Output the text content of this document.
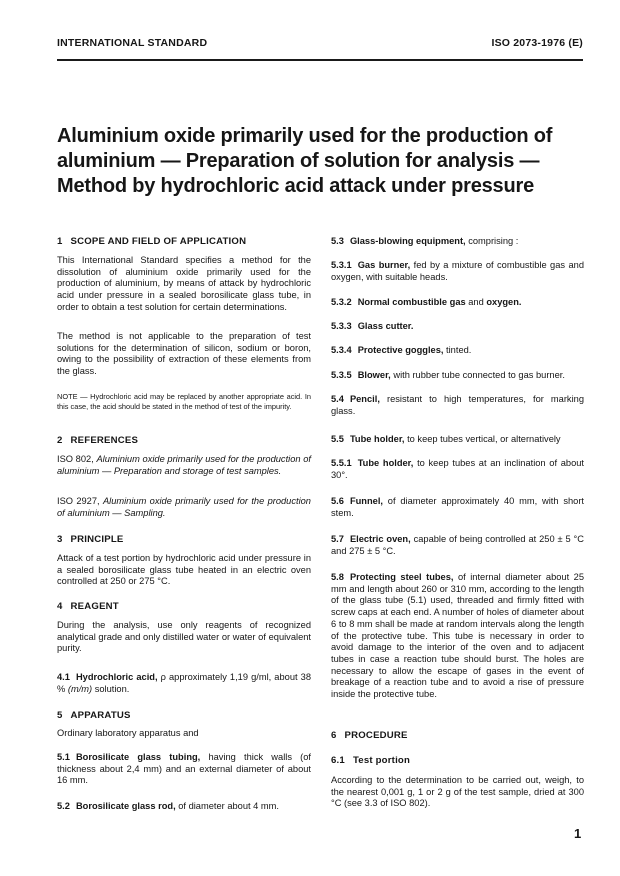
INTERNATIONAL STANDARD	ISO 2073-1976 (E)
Aluminium oxide primarily used for the production of aluminium — Preparation of solution for analysis — Method by hydrochloric acid attack under pressure
1 SCOPE AND FIELD OF APPLICATION
This International Standard specifies a method for the dissolution of aluminium oxide primarily used for the production of aluminium, by means of attack by hydrochloric acid under pressure in a sealed borosilicate glass tube, in order to obtain a test solution for certain determinations.
The method is not applicable to the preparation of test solutions for the determination of silicon, sodium or boron, owing to the possibility of extraction of these elements from the glass.
NOTE — Hydrochloric acid may be replaced by another appropriate acid. In this case, the acid should be stated in the method of test of the impurity.
2 REFERENCES
ISO 802, Aluminium oxide primarily used for the production of aluminium — Preparation and storage of test samples.
ISO 2927, Aluminium oxide primarily used for the production of aluminium — Sampling.
3 PRINCIPLE
Attack of a test portion by hydrochloric acid under pressure in a sealed borosilicate glass tube heated in an electric oven controlled at 250 or 275 °C.
4 REAGENT
During the analysis, use only reagents of recognized analytical grade and only distilled water or water of equivalent purity.
4.1 Hydrochloric acid, ρ approximately 1,19 g/ml, about 38 % (m/m) solution.
5 APPARATUS
Ordinary laboratory apparatus and
5.1 Borosilicate glass tubing, having thick walls (of thickness about 2,4 mm) and an external diameter of about 16 mm.
5.2 Borosilicate glass rod, of diameter about 4 mm.
5.3 Glass-blowing equipment, comprising :
5.3.1 Gas burner, fed by a mixture of combustible gas and oxygen, with suitable heads.
5.3.2 Normal combustible gas and oxygen.
5.3.3 Glass cutter.
5.3.4 Protective goggles, tinted.
5.3.5 Blower, with rubber tube connected to gas burner.
5.4 Pencil, resistant to high temperatures, for marking glass.
5.5 Tube holder, to keep tubes vertical, or alternatively
5.5.1 Tube holder, to keep tubes at an inclination of about 30°.
5.6 Funnel, of diameter approximately 40 mm, with short stem.
5.7 Electric oven, capable of being controlled at 250 ± 5 °C and 275 ± 5 °C.
5.8 Protecting steel tubes, of internal diameter about 25 mm and length about 260 or 310 mm, according to the length of the glass tube (5.1) used, threaded and firmly fitted with screw caps at each end. A number of holes of diameter about 6 to 8 mm shall be made at random intervals along the length of the protective tube. This tube is necessary in order to avoid damage to the interior of the oven and to adjacent tubes in case a reaction tube should burst. The holes are necessary to allow the escape of gases in the event of breakage of a reaction tube and to avoid a rise of pressure inside the protective tube.
6 PROCEDURE
6.1 Test portion
According to the determination to be carried out, weigh, to the nearest 0,001 g, 1 or 2 g of the test sample, dried at 300 °C (see 3.3 of ISO 802).
1
